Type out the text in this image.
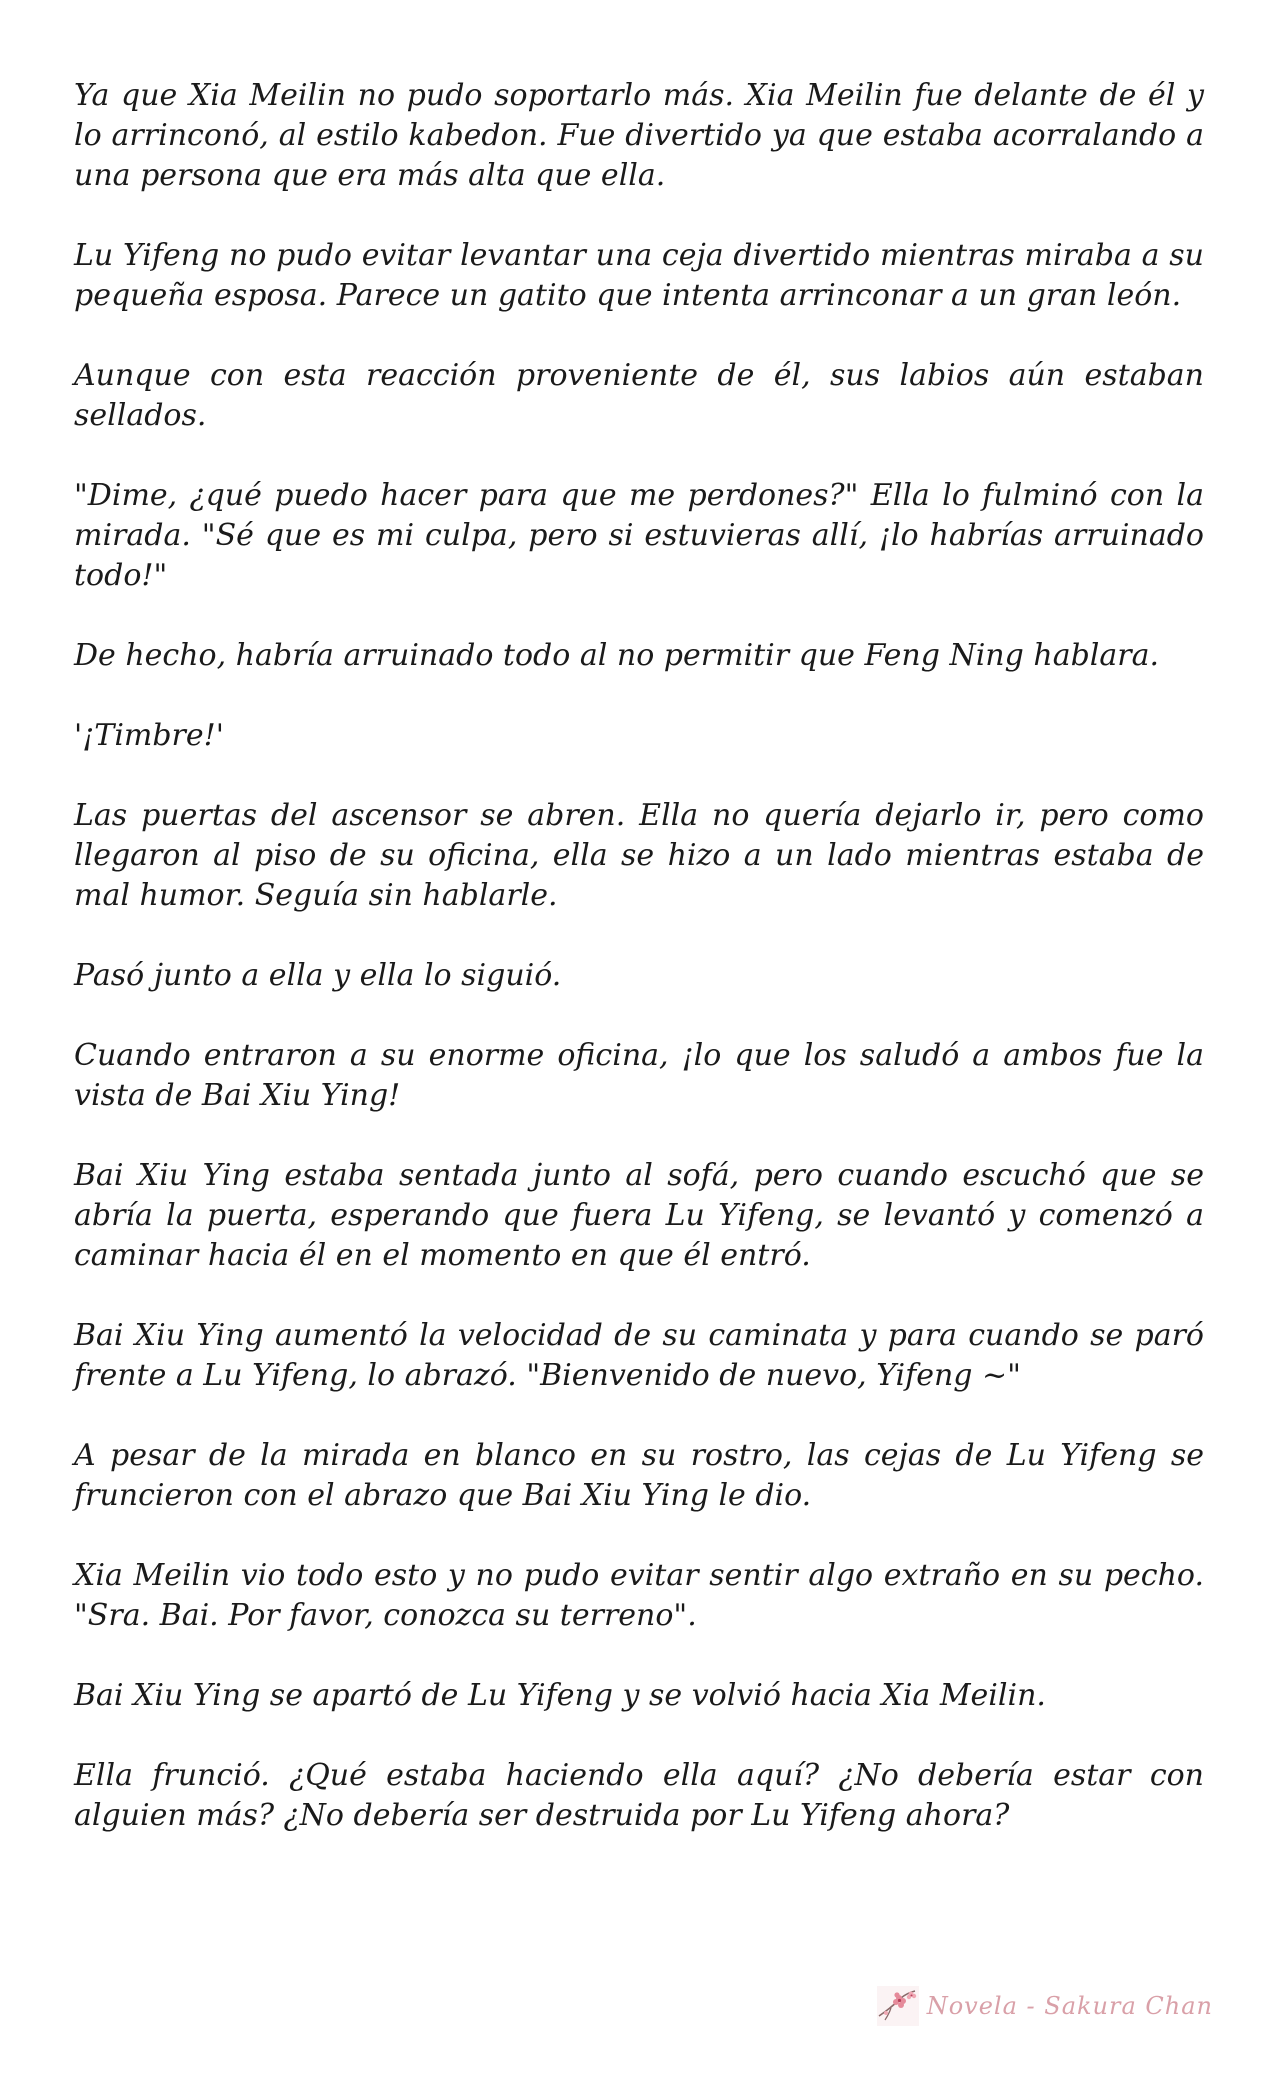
Ya que Xia Meilin no pudo soportarlo más. Xia Meilin fue delante de él y lo arrinconó, al estilo kabedon. Fue divertido ya que estaba acorralando a una persona que era más alta que ella.

Lu Yifeng no pudo evitar levantar una ceja divertido mientras miraba a su pequeña esposa. Parece un gatito que intenta arrinconar a un gran león.

Aunque con esta reacción proveniente de él, sus labios aún estaban sellados.

"Dime, ¿qué puedo hacer para que me perdones?" Ella lo fulminó con la mirada. "Sé que es mi culpa, pero si estuvieras allí, ¡lo habrías arruinado todo!"

De hecho, habría arruinado todo al no permitir que Feng Ning hablara.

'¡Timbre!'

Las puertas del ascensor se abren. Ella no quería dejarlo ir, pero como llegaron al piso de su oficina, ella se hizo a un lado mientras estaba de mal humor. Seguía sin hablarle.

Pasó junto a ella y ella lo siguió.

Cuando entraron a su enorme oficina, ¡lo que los saludó a ambos fue la vista de Bai Xiu Ying!

Bai Xiu Ying estaba sentada junto al sofá, pero cuando escuchó que se abría la puerta, esperando que fuera Lu Yifeng, se levantó y comenzó a caminar hacia él en el momento en que él entró.

Bai Xiu Ying aumentó la velocidad de su caminata y para cuando se paró frente a Lu Yifeng, lo abrazó. "Bienvenido de nuevo, Yifeng ~"

A pesar de la mirada en blanco en su rostro, las cejas de Lu Yifeng se fruncieron con el abrazo que Bai Xiu Ying le dio.

Xia Meilin vio todo esto y no pudo evitar sentir algo extraño en su pecho. "Sra. Bai. Por favor, conozca su terreno".

Bai Xiu Ying se apartó de Lu Yifeng y se volvió hacia Xia Meilin.

Ella frunció. ¿Qué estaba haciendo ella aquí? ¿No debería estar con alguien más? ¿No debería ser destruida por Lu Yifeng ahora?

Novela - Sakura Chan
